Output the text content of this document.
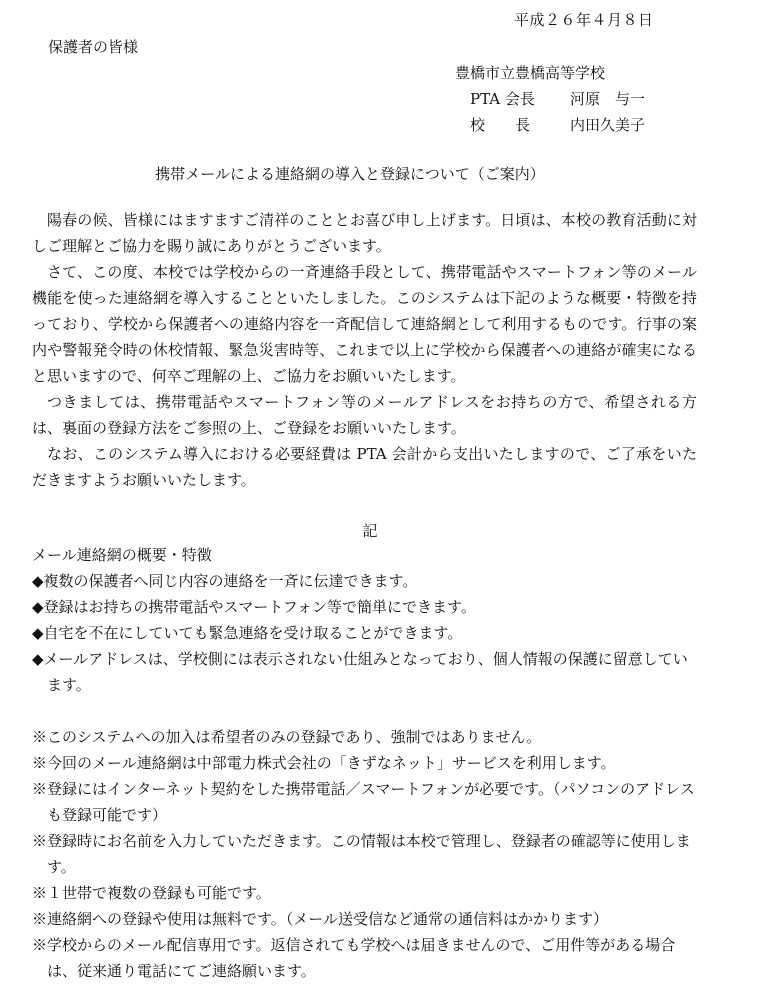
平成２６年４月８日
保護者の皆様
豊橋市立豊橋高等学校
PTA 会長 河原　与一
校　　長	内田久美子
携帯メールによる連絡網の導入と登録について（ご案内）

陽春の候、皆様にはますますご清祥のこととお喜び申し上げます。日頃は、本校の教育活動に対しご理解とご協力を賜り誠にありがとうございます。

さて、この度、本校では学校からの一斉連絡手段として、携帯電話やスマートフォン等のメール機能を使った連絡網を導入することといたしました。このシステムは下記のような概要・特徴を持っており、学校から保護者への連絡内容を一斉配信して連絡網として利用するものです。行事の案内や警報発令時の休校情報、緊急災害時等、これまで以上に学校から保護者への連絡が確実になると思いますので、何卒ご理解の上、ご協力をお願いいたします。

つきましては、携帯電話やスマートフォン等のメールアドレスをお持ちの方で、希望される方は、裏面の登録方法をご参照の上、ご登録をお願いいたします。

なお、このシステム導入における必要経費は PTA 会計から支出いたしますので、ご了承をいただきますようお願いいたします。

記

メール連絡網の概要・特徴

◆複数の保護者へ同じ内容の連絡を一斉に伝達できます。

◆登録はお持ちの携帯電話やスマートフォン等で簡単にできます。

◆自宅を不在にしていても緊急連絡を受け取ることができます。

◆メールアドレスは、学校側には表示されない仕組みとなっており、個人情報の保護に留意しています。

※このシステムへの加入は希望者のみの登録であり、強制ではありません。

※今回のメール連絡網は中部電力株式会社の「きずなネット」サービスを利用します。

※登録にはインターネット契約をした携帯電話／スマートフォンが必要です。（パソコンのアドレスも登録可能です）

※登録時にお名前を入力していただきます。この情報は本校で管理し、登録者の確認等に使用します。

※１世帯で複数の登録も可能です。

※連絡網への登録や使用は無料です。（メール送受信など通常の通信料はかかります）

※学校からのメール配信専用です。返信されても学校へは届きませんので、ご用件等がある場合は、従来通り電話にてご連絡願います。
